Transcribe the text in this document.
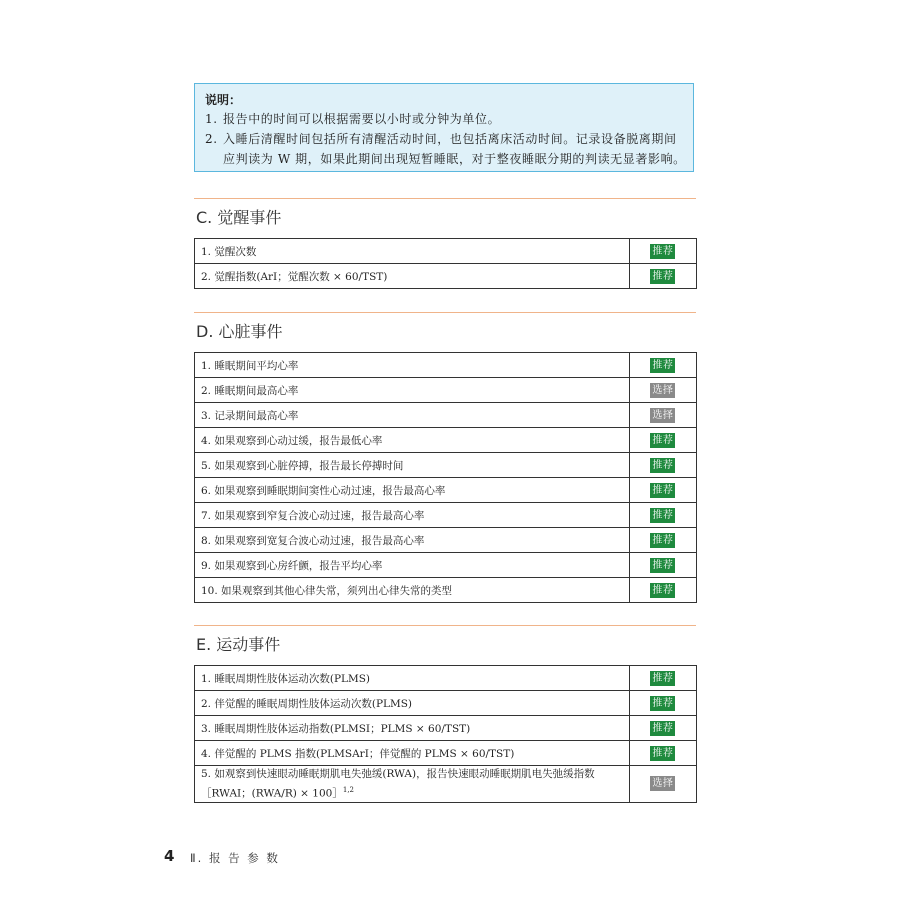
说明：
1. 报告中的时间可以根据需要以小时或分钟为单位。
2. 入睡后清醒时间包括所有清醒活动时间，也包括离床活动时间。记录设备脱离期间
应判读为 W 期，如果此期间出现短暂睡眠，对于整夜睡眠分期的判读无显著影响。
C. 觉醒事件
1. 觉醒次数	推荐
2. 觉醒指数(ArI；觉醒次数 × 60/TST)	推荐
D. 心脏事件
1. 睡眠期间平均心率	推荐
2. 睡眠期间最高心率	选择
3. 记录期间最高心率	选择
4. 如果观察到心动过缓，报告最低心率	推荐
5. 如果观察到心脏停搏，报告最长停搏时间	推荐
6. 如果观察到睡眠期间窦性心动过速，报告最高心率	推荐
7. 如果观察到窄复合波心动过速，报告最高心率	推荐
8. 如果观察到宽复合波心动过速，报告最高心率	推荐
9. 如果观察到心房纤颤，报告平均心率	推荐
10. 如果观察到其他心律失常，须列出心律失常的类型	推荐
E. 运动事件
1. 睡眠周期性肢体运动次数(PLMS)	推荐
2. 伴觉醒的睡眠周期性肢体运动次数(PLMS)	推荐
3. 睡眠周期性肢体运动指数(PLMSI；PLMS × 60/TST)	推荐
4. 伴觉醒的 PLMS 指数(PLMSArI；伴觉醒的 PLMS × 60/TST)	推荐

5. 如观察到快速眼动睡眠期肌电失弛缓(RWA)，报告快速眼动睡眠期肌电失弛缓指数
［RWAI；(RWA/R) × 100］$^{1,2}$	选择
4 Ⅱ. 报 告 参 数
